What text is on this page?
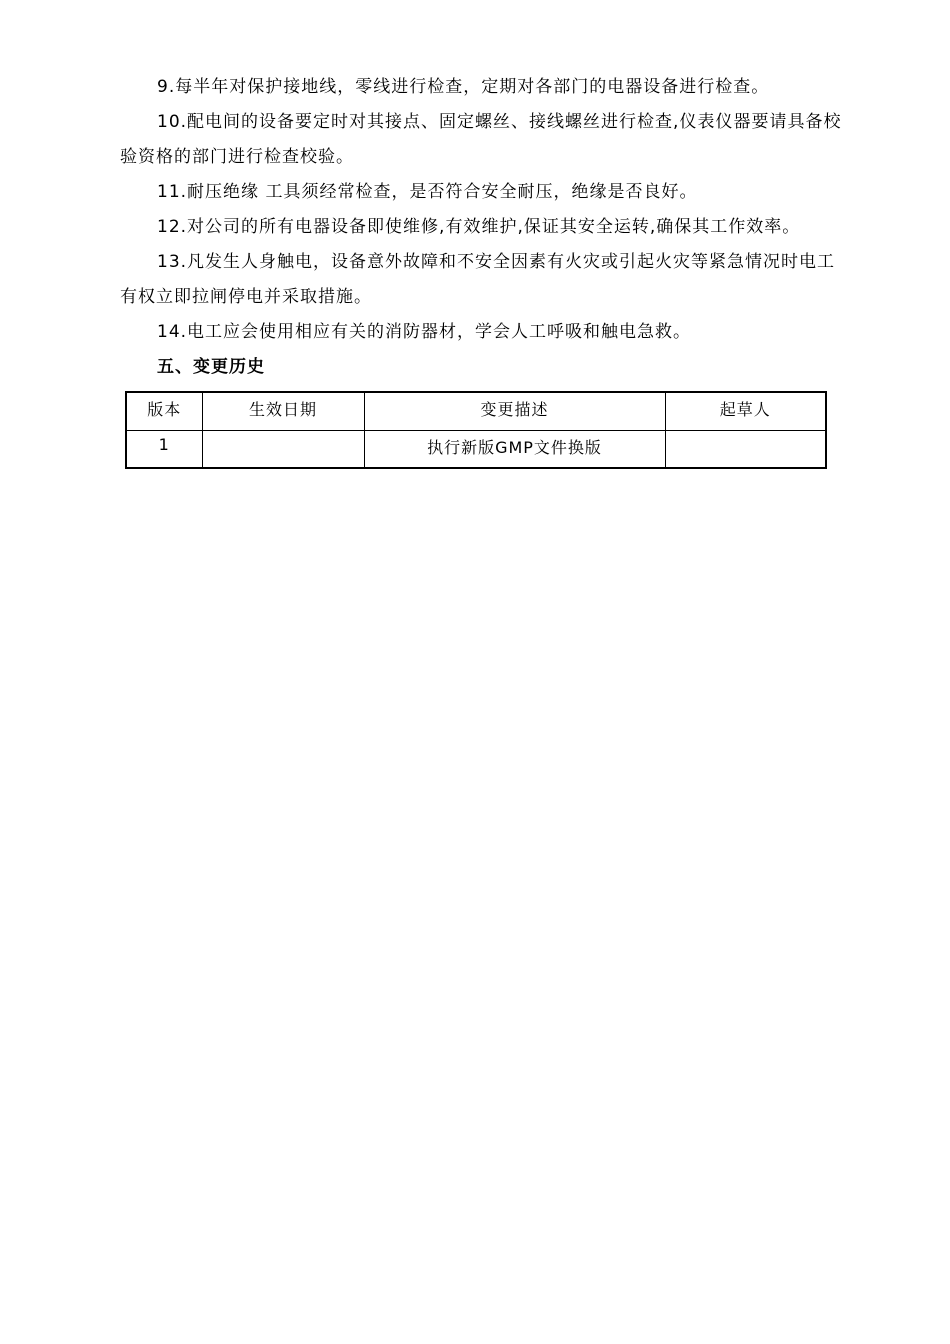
9.每半年对保护接地线，零线进行检查，定期对各部门的电器设备进行检查。

10.配电间的设备要定时对其接点、固定螺丝、接线螺丝进行检查,仪表仪器要请具备校验资格的部门进行检查校验。

11.耐压绝缘 工具须经常检查，是否符合安全耐压，绝缘是否良好。

12.对公司的所有电器设备即使维修,有效维护,保证其安全运转,确保其工作效率。

13.凡发生人身触电，设备意外故障和不安全因素有火灾或引起火灾等紧急情况时电工有权立即拉闸停电并采取措施。

14.电工应会使用相应有关的消防器材，学会人工呼吸和触电急救。

五、变更历史
版本	生效日期	变更描述	起草人
1		执行新版GMP文件换版	
